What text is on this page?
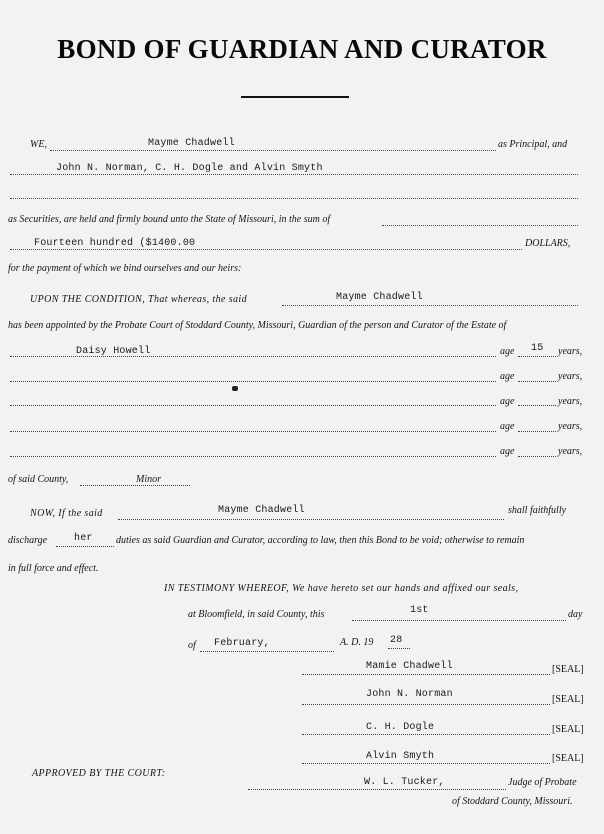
BOND OF GUARDIAN AND CURATOR
WE,	Mayme Chadwell	as Principal, and
John N. Norman, C. H. Dogle and Alvin Smyth
as Securities, are held and firmly bound unto the State of Missouri, in the sum of
Fourteen hundred ($1400.00	DOLLARS,
for the payment of which we bind ourselves and our heirs:
UPON THE CONDITION, That whereas, the said	Mayme Chadwell
has been appointed by the Probate Court of Stoddard County, Missouri, Guardian of the person and Curator of the Estate of
Daisy Howell	age 15 years,
age	years,
age	years,
age	years,
age	years,
of said County,	Minor
NOW, If the said	Mayme Chadwell	shall faithfully
discharge	her duties as said Guardian and Curator, according to law, then this Bond to be void; otherwise to remain
in full force and effect.
IN TESTIMONY WHEREOF, We have hereto set our hands and affixed our seals,
at Bloomfield, in said County, this	1st	day
of February,	A. D. 19 28
Mamie Chadwell	[SEAL]
John N. Norman	[SEAL]
C. H. Dogle	[SEAL]
Alvin Smyth	[SEAL]
APPROVED BY THE COURT:
W. L. Tucker,	Judge of Probate
of Stoddard County, Missouri.
